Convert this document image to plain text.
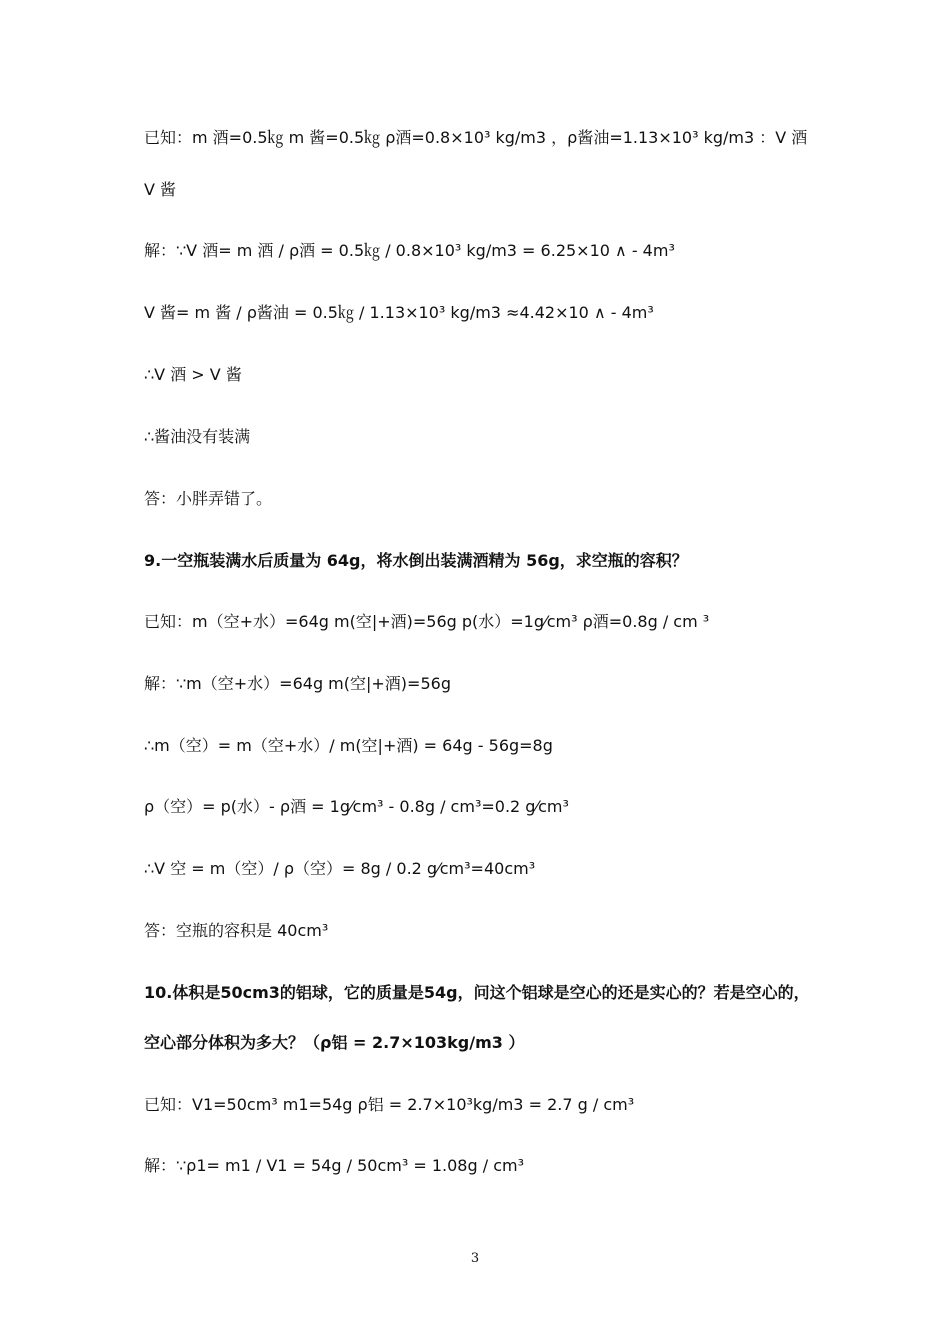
已知：m 酒=0.5㎏ m 酱=0.5㎏ ρ酒=0.8×10³ kg/m3 ，ρ酱油=1.13×10³ kg/m3 ：V 酒
V 酱
解：∵V 酒= m 酒 / ρ酒 = 0.5㎏ / 0.8×10³ kg/m3 = 6.25×10 ∧ - 4m³
V 酱= m 酱 / ρ酱油 = 0.5㎏ / 1.13×10³ kg/m3 ≈4.42×10 ∧ - 4m³
∴V 酒 > V 酱
∴酱油没有装满
答：小胖弄错了。
9.一空瓶装满水后质量为 64g，将水倒出装满酒精为 56g，求空瓶的容积？
已知：m（空+水）=64g m(空|+酒)=56g p(水）=1g⁄cm³ ρ酒=0.8g / cm ³
解：∵m（空+水）=64g m(空|+酒)=56g
∴m（空）= m（空+水）/ m(空|+酒) = 64g - 56g=8g
ρ（空）= p(水）- ρ酒 = 1g⁄cm³ - 0.8g / cm³=0.2 g⁄cm³
∴V 空 = m（空）/ ρ（空）= 8g / 0.2 g⁄cm³=40cm³
答：空瓶的容积是 40cm³
10.体积是50cm3的铝球，它的质量是54g，问这个铝球是空心的还是实心的？若是空心的，
空心部分体积为多大？（ρ铝 = 2.7×103kg/m3 ）
已知：V1=50cm³ m1=54g ρ铝 = 2.7×10³kg/m3 = 2.7 g / cm³
解：∵ρ1= m1 / V1 = 54g / 50cm³ = 1.08g / cm³
3
